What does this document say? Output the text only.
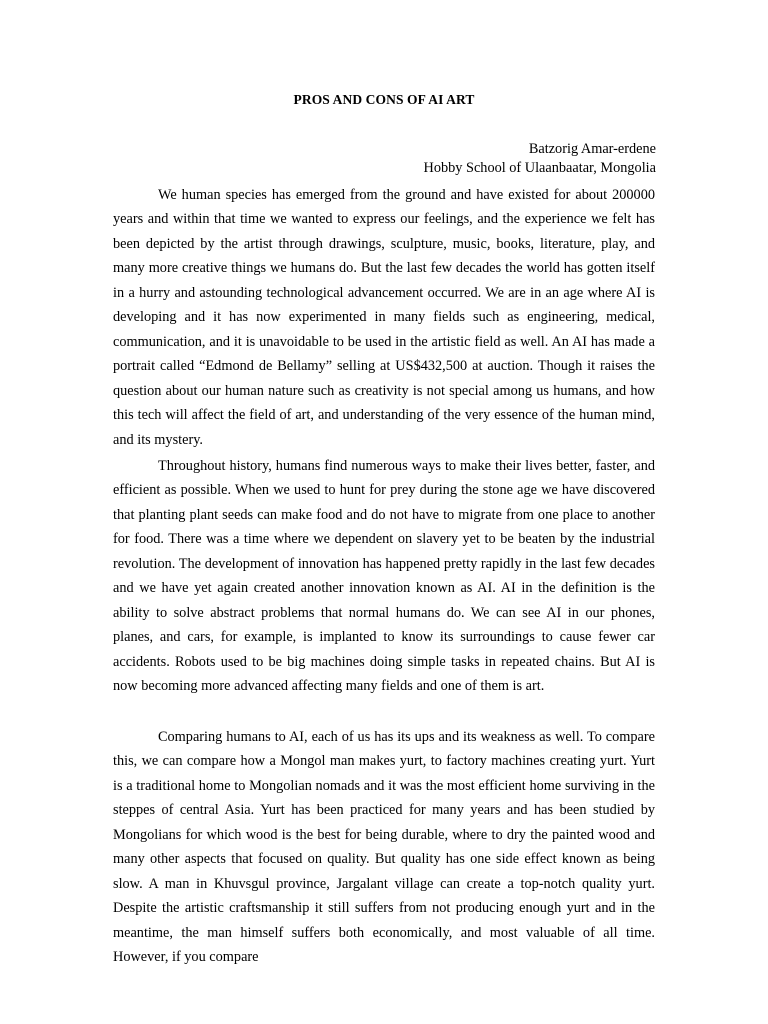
PROS AND CONS OF AI ART
Batzorig Amar-erdene
Hobby School of Ulaanbaatar, Mongolia

We human species has emerged from the ground and have existed for about 200000 years and within that time we wanted to express our feelings, and the experience we felt has been depicted by the artist through drawings, sculpture, music, books, literature, play, and many more creative things we humans do. But the last few decades the world has gotten itself in a hurry and astounding technological advancement occurred. We are in an age where AI is developing and it has now experimented in many fields such as engineering, medical, communication, and it is unavoidable to be used in the artistic field as well. An AI has made a portrait called “Edmond de Bellamy” selling at US$432,500 at auction. Though it raises the question about our human nature such as creativity is not special among us humans, and how this tech will affect the field of art, and understanding of the very essence of the human mind, and its mystery.

Throughout history, humans find numerous ways to make their lives better, faster, and efficient as possible. When we used to hunt for prey during the stone age we have discovered that planting plant seeds can make food and do not have to migrate from one place to another for food. There was a time where we dependent on slavery yet to be beaten by the industrial revolution. The development of innovation has happened pretty rapidly in the last few decades and we have yet again created another innovation known as AI. AI in the definition is the ability to solve abstract problems that normal humans do. We can see AI in our phones, planes, and cars, for example, is implanted to know its surroundings to cause fewer car accidents. Robots used to be big machines doing simple tasks in repeated chains. But AI is now becoming more advanced affecting many fields and one of them is art.

Comparing humans to AI, each of us has its ups and its weakness as well. To compare this, we can compare how a Mongol man makes yurt, to factory machines creating yurt. Yurt is a traditional home to Mongolian nomads and it was the most efficient home surviving in the steppes of central Asia. Yurt has been practiced for many years and has been studied by Mongolians for which wood is the best for being durable, where to dry the painted wood and many other aspects that focused on quality. But quality has one side effect known as being slow. A man in Khuvsgul province, Jargalant village can create a top-notch quality yurt. Despite the artistic craftsmanship it still suffers from not producing enough yurt and in the meantime, the man himself suffers both economically, and most valuable of all time. However, if you compare
